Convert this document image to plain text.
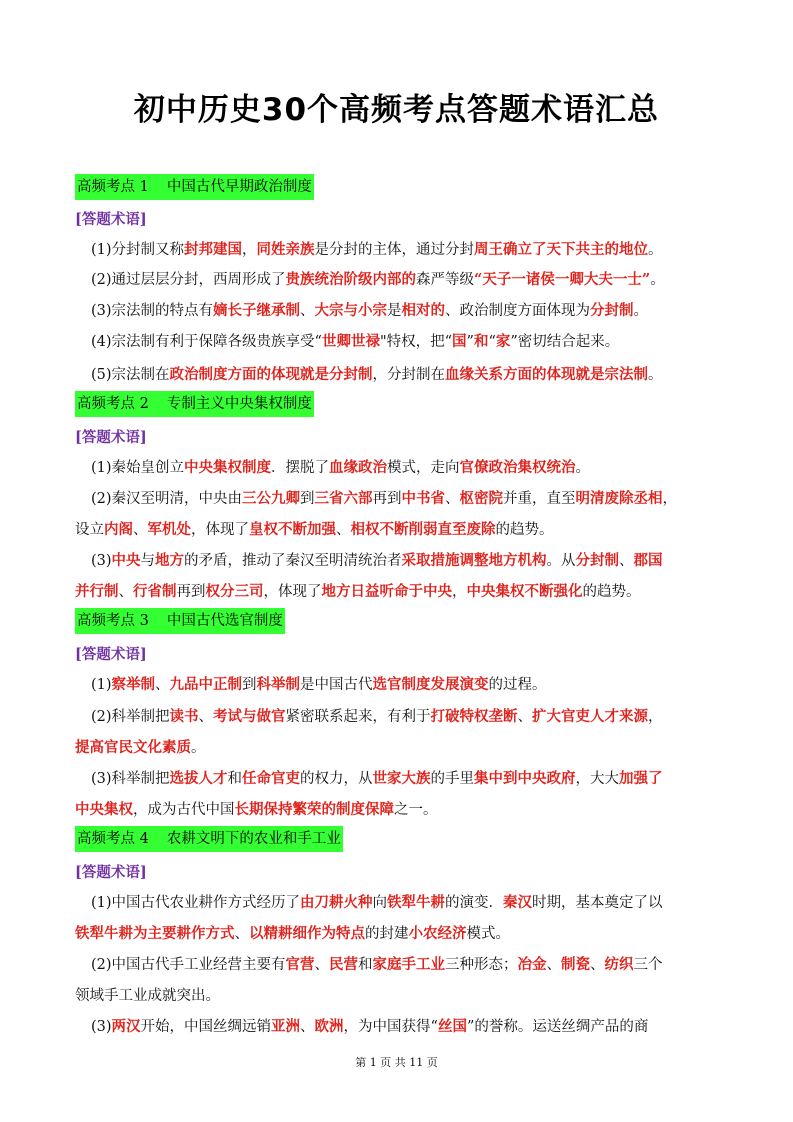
初中历史30个高频考点答题术语汇总
高频考点 1 中国古代早期政治制度
[答题术语]
(1)分封制又称封邦建国，同姓亲族是分封的主体，通过分封周王确立了天下共主的地位。
(2)通过层层分封，西周形成了贵族统治阶级内部的森严等级“天子一诸侯一卿大夫一士”。
(3)宗法制的特点有嫡长子继承制、大宗与小宗是相对的、政治制度方面体现为分封制。
(4)宗法制有利于保障各级贵族享受“世卿世禄"特权，把“国”和“家”密切结合起来。
(5)宗法制在政治制度方面的体现就是分封制，分封制在血缘关系方面的体现就是宗法制。
高频考点 2 专制主义中央集权制度
[答题术语]
(1)秦始皇创立中央集权制度．摆脱了血缘政治模式，走向官僚政治集权统治。
(2)秦汉至明清，中央由三公九卿到三省六部再到中书省、枢密院并重，直至明清废除丞相，
设立内阁、军机处，体现了皇权不断加强、相权不断削弱直至废除的趋势。
(3)中央与地方的矛盾，推动了秦汉至明清统治者采取措施调整地方机构。从分封制、郡国
并行制、行省制再到权分三司，体现了地方日益听命于中央，中央集权不断强化的趋势。
高频考点 3 中国古代选官制度
[答题术语]
(1)察举制、九品中正制到科举制是中国古代选官制度发展演变的过程。
(2)科举制把读书、考试与做官紧密联系起来，有利于打破特权垄断、扩大官吏人才来源，
提高官民文化素质。
(3)科举制把选拔人才和任命官吏的权力，从世家大族的手里集中到中央政府，大大加强了
中央集权，成为古代中国长期保持繁荣的制度保障之一。
高频考点 4 农耕文明下的农业和手工业
[答题术语]
(1)中国古代农业耕作方式经历了由刀耕火种向铁犁牛耕的演变．秦汉时期，基本奠定了以
铁犁牛耕为主要耕作方式、以精耕细作为特点的封建小农经济模式。
(2)中国古代手工业经营主要有官营、民营和家庭手工业三种形态；冶金、制瓷、纺织三个
领域手工业成就突出。
(3)两汉开始，中国丝绸远销亚洲、欧洲，为中国获得“丝国”的誉称。运送丝绸产品的商
第 1 页 共 11 页
